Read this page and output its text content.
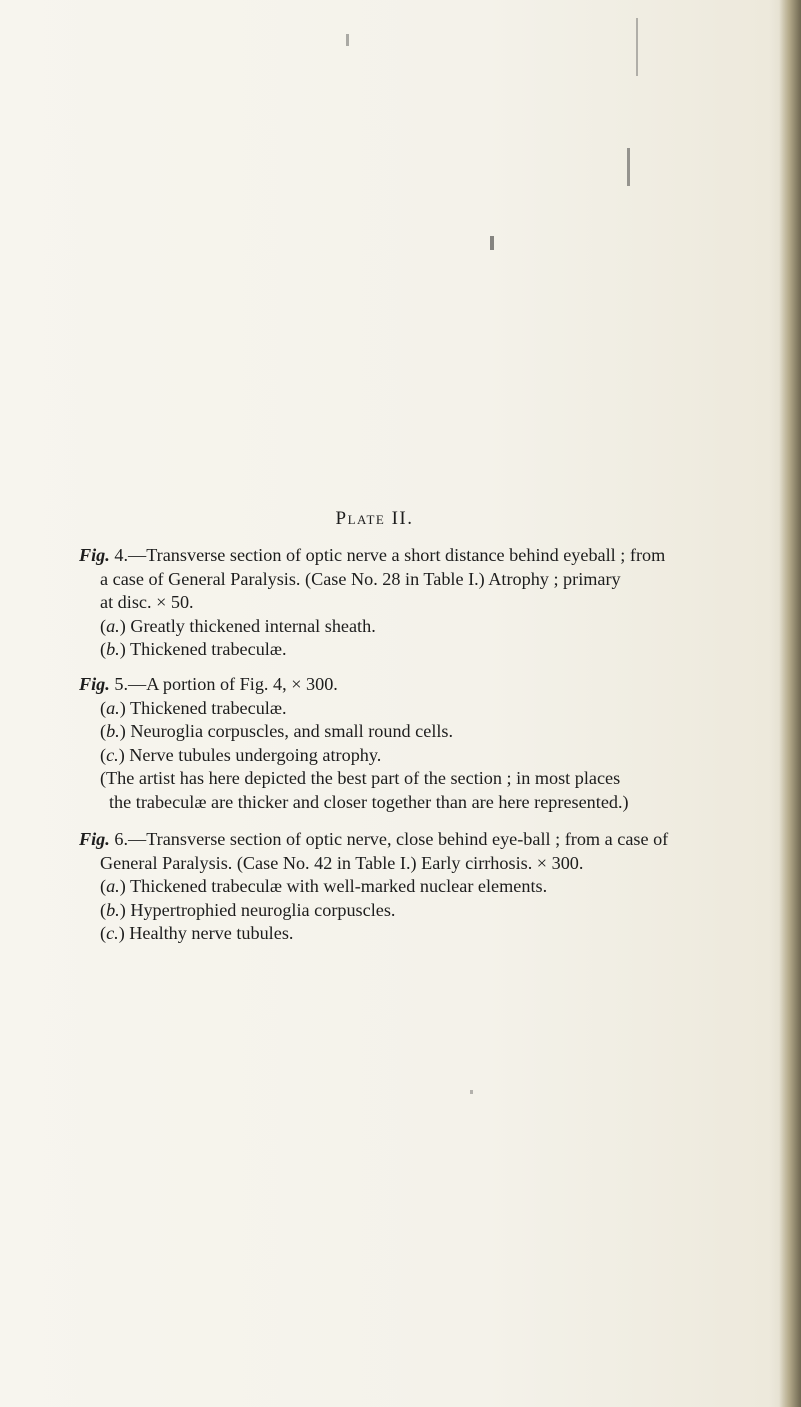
Plate II.
Fig. 4.—Transverse section of optic nerve a short distance behind eyeball ; from
a case of General Paralysis. (Case No. 28 in Table I.) Atrophy ; primary
at disc. × 50.
(a.) Greatly thickened internal sheath.
(b.) Thickened trabeculæ.
Fig. 5.—A portion of Fig. 4, × 300.
(a.) Thickened trabeculæ.
(b.) Neuroglia corpuscles, and small round cells.
(c.) Nerve tubules undergoing atrophy.
(The artist has here depicted the best part of the section ; in most places
the trabeculæ are thicker and closer together than are here represented.)
Fig. 6.—Transverse section of optic nerve, close behind eye-ball ; from a case of
General Paralysis. (Case No. 42 in Table I.) Early cirrhosis. × 300.
(a.) Thickened trabeculæ with well-marked nuclear elements.
(b.) Hypertrophied neuroglia corpuscles.
(c.) Healthy nerve tubules.
